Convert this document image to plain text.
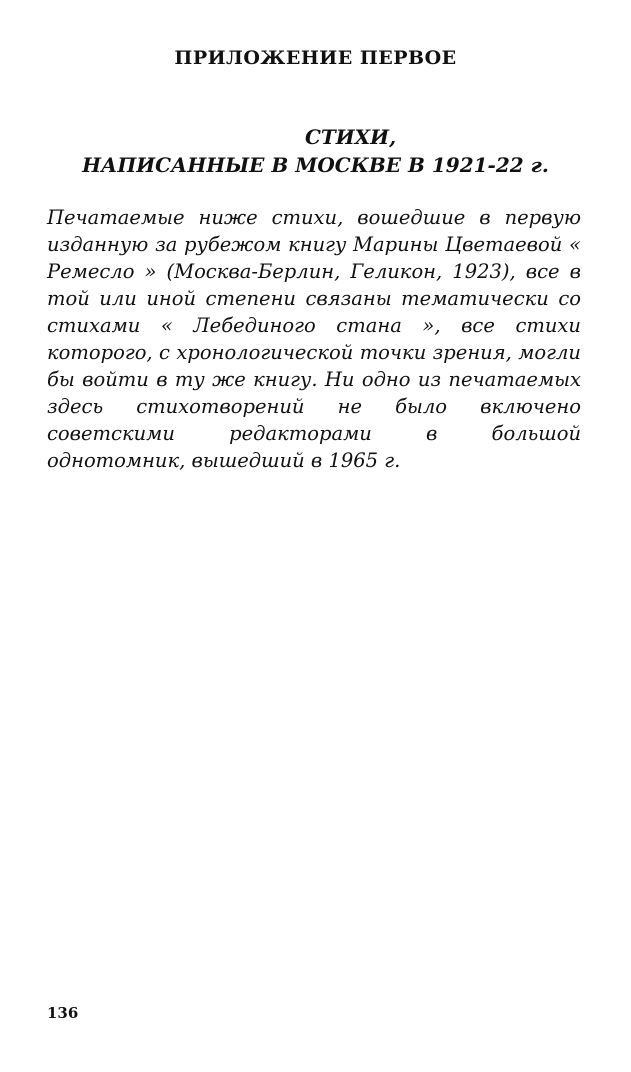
ПРИЛОЖЕНИЕ ПЕРВОЕ
СТИХИ,
НАПИСАННЫЕ В МОСКВЕ В 1921-22 г.

Печатаемые ниже стихи, вошедшие в первую изданную за рубежом книгу Марины Цветаевой « Ремесло » (Москва-Берлин, Геликон, 1923), все в той или иной степени связаны тематически со стихами « Лебединого стана », все стихи которого, с хронологической точки зрения, могли бы войти в ту же книгу. Ни одно из печатаемых здесь стихотворений не было включено советскими редакторами в большой однотомник, вышедший в 1965 г.

136
